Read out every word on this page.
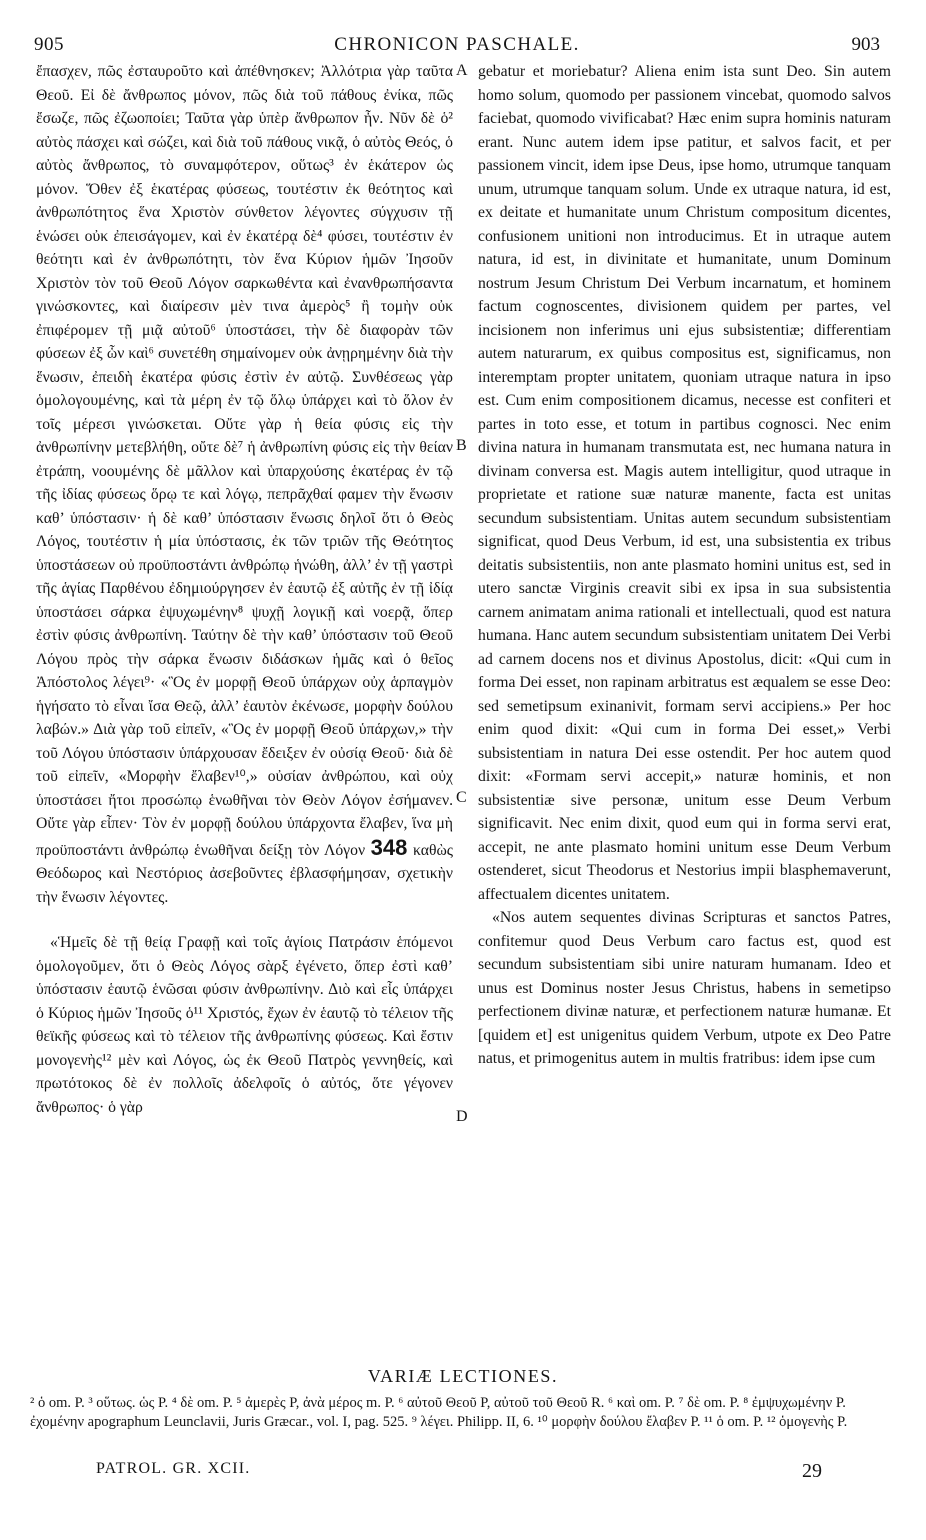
905	CHRONICON PASCHALE.	903

ἔπασχεν, πῶς ἐσταυροῦτο καὶ ἀπέθνησκεν; Ἀλλότρια γὰρ ταῦτα Θεοῦ. Εἰ δὲ ἄνθρωπος μόνον, πῶς διὰ τοῦ πάθους ἐνίκα, πῶς ἔσωζε, πῶς ἐζωοποίει; Ταῦτα γὰρ ὑπὲρ ἄνθρωπον ἦν. Νῦν δὲ ὁ² αὐτὸς πάσχει καὶ σώζει, καὶ διὰ τοῦ πάθους νικᾷ, ὁ αὐτὸς Θεός, ὁ αὐτὸς ἄνθρωπος, τὸ συναμφότερον, οὕτως³ ἐν ἑκάτερον ὡς μόνον. Ὅθεν ἐξ ἑκατέρας φύσεως, τουτέστιν ἐκ θεότητος καὶ ἀνθρωπότητος ἕνα Χριστὸν σύνθετον λέγοντες σύγχυσιν τῇ ἑνώσει οὐκ ἐπεισάγομεν, καὶ ἐν ἑκατέρᾳ δὲ⁴ φύσει, τουτέστιν ἐν θεότητι καὶ ἐν ἀνθρωπότητι, τὸν ἕνα Κύριον ἡμῶν Ἰησοῦν Χριστὸν τὸν τοῦ Θεοῦ Λόγον σαρκωθέντα καὶ ἐνανθρωπήσαντα γινώσκοντες, καὶ διαίρεσιν μὲν τινα ἀμερὸς⁵ ἢ τομὴν οὐκ ἐπιφέρομεν τῇ μιᾷ αὐτοῦ⁶ ὑποστάσει, τὴν δὲ διαφορὰν τῶν φύσεων ἐξ ὧν καὶ⁶ συνετέθη σημαίνομεν οὐκ ἀνῃρημένην διὰ τὴν ἕνωσιν, ἐπειδὴ ἑκατέρα φύσις ἐστὶν ἐν αὐτῷ. Συνθέσεως γὰρ ὁμολογουμένης, καὶ τὰ μέρη ἐν τῷ ὅλῳ ὑπάρχει καὶ τὸ ὅλον ἐν τοῖς μέρεσι γινώσκεται. Οὔτε γὰρ ἡ θεία φύσις εἰς τὴν ἀνθρωπίνην μετεβλήθη, οὔτε δὲ⁷ ἡ ἀνθρωπίνη φύσις εἰς τὴν θείαν ἐτράπη, νοουμένης δὲ μᾶλλον καὶ ὑπαρχούσης ἑκατέρας ἐν τῷ τῆς ἰδίας φύσεως ὅρῳ τε καὶ λόγῳ, πεπρᾶχθαί φαμεν τὴν ἕνωσιν καθ’ ὑπόστασιν· ἡ δὲ καθ’ ὑπόστασιν ἕνωσις δηλοῖ ὅτι ὁ Θεὸς Λόγος, τουτέστιν ἡ μία ὑπόστασις, ἐκ τῶν τριῶν τῆς Θεότητος ὑποστάσεων οὐ προϋποστάντι ἀνθρώπῳ ἡνώθη, ἀλλ’ ἐν τῇ γαστρὶ τῆς ἁγίας Παρθένου ἐδημιούργησεν ἐν ἑαυτῷ ἐξ αὐτῆς ἐν τῇ ἰδίᾳ ὑποστάσει σάρκα ἐψυχωμένην⁸ ψυχῇ λογικῇ καὶ νοερᾷ, ὅπερ ἐστὶν φύσις ἀνθρωπίνη. Ταύτην δὲ τὴν καθ’ ὑπόστασιν τοῦ Θεοῦ Λόγου πρὸς τὴν σάρκα ἕνωσιν διδάσκων ἡμᾶς καὶ ὁ θεῖος Ἀπόστολος λέγει⁹· «Ὃς ἐν μορφῇ Θεοῦ ὑπάρχων οὐχ ἁρπαγμὸν ἡγήσατο τὸ εἶναι ἴσα Θεῷ, ἀλλ’ ἑαυτὸν ἐκένωσε, μορφὴν δούλου λαβών.» Διὰ γὰρ τοῦ εἰπεῖν, «Ὃς ἐν μορφῇ Θεοῦ ὑπάρχων,» τὴν τοῦ Λόγου ὑπόστασιν ὑπάρχουσαν ἔδειξεν ἐν οὐσίᾳ Θεοῦ· διὰ δὲ τοῦ εἰπεῖν, «Μορφὴν ἔλαβεν¹⁰,» οὐσίαν ἀνθρώπου, καὶ οὐχ ὑποστάσει ἤτοι προσώπῳ ἑνωθῆναι τὸν Θεὸν Λόγον ἐσήμανεν. Οὔτε γὰρ εἶπεν· Τὸν ἐν μορφῇ δούλου ὑπάρχοντα ἔλαβεν, ἵνα μὴ προϋποστάντι ἀνθρώπῳ ἑνωθῆναι δείξῃ τὸν Λόγον 348 καθὼς Θεόδωρος καὶ Νεστόριος ἀσεβοῦντες ἐβλασφήμησαν, σχετικὴν τὴν ἕνωσιν λέγοντες.

«Ἡμεῖς δὲ τῇ θείᾳ Γραφῇ καὶ τοῖς ἁγίοις Πατράσιν ἑπόμενοι ὁμολογοῦμεν, ὅτι ὁ Θεὸς Λόγος σὰρξ ἐγένετο, ὅπερ ἐστὶ καθ’ ὑπόστασιν ἑαυτῷ ἑνῶσαι φύσιν ἀνθρωπίνην. Διὸ καὶ εἷς ὑπάρχει ὁ Κύριος ἡμῶν Ἰησοῦς ὁ¹¹ Χριστός, ἔχων ἐν ἑαυτῷ τὸ τέλειον τῆς θεϊκῆς φύσεως καὶ τὸ τέλειον τῆς ἀνθρωπίνης φύσεως. Καὶ ἔστιν μονογενὴς¹² μὲν καὶ Λόγος, ὡς ἐκ Θεοῦ Πατρὸς γεννηθείς, καὶ πρωτότοκος δὲ ἐν πολλοῖς ἀδελφοῖς ὁ αὐτός, ὅτε γέγονεν ἄνθρωπος· ὁ γὰρ

A
B
C
D

gebatur et moriebatur? Aliena enim ista sunt Deo. Sin autem homo solum, quomodo per passionem vincebat, quomodo salvos faciebat, quomodo vivificabat? Hæc enim supra hominis naturam erant. Nunc autem idem ipse patitur, et salvos facit, et per passionem vincit, idem ipse Deus, ipse homo, utrumque tanquam unum, utrumque tanquam solum. Unde ex utraque natura, id est, ex deitate et humanitate unum Christum compositum dicentes, confusionem unitioni non introducimus. Et in utraque autem natura, id est, in divinitate et humanitate, unum Dominum nostrum Jesum Christum Dei Verbum incarnatum, et hominem factum cognoscentes, divisionem quidem per partes, vel incisionem non inferimus uni ejus subsistentiæ; differentiam autem naturarum, ex quibus compositus est, significamus, non interemptam propter unitatem, quoniam utraque natura in ipso est. Cum enim compositionem dicamus, necesse est confiteri et partes in toto esse, et totum in partibus cognosci. Nec enim divina natura in humanam transmutata est, nec humana natura in divinam conversa est. Magis autem intelligitur, quod utraque in proprietate et ratione suæ naturæ manente, facta est unitas secundum subsistentiam. Unitas autem secundum subsistentiam significat, quod Deus Verbum, id est, una subsistentia ex tribus deitatis subsistentiis, non ante plasmato homini unitus est, sed in utero sanctæ Virginis creavit sibi ex ipsa in sua subsistentia carnem animatam anima rationali et intellectuali, quod est natura humana. Hanc autem secundum subsistentiam unitatem Dei Verbi ad carnem docens nos et divinus Apostolus, dicit: «Qui cum in forma Dei esset, non rapinam arbitratus est æqualem se esse Deo: sed semetipsum exinanivit, formam servi accipiens.» Per hoc enim quod dixit: «Qui cum in forma Dei esset,» Verbi subsistentiam in natura Dei esse ostendit. Per hoc autem quod dixit: «Formam servi accepit,» naturæ hominis, et non subsistentiæ sive personæ, unitum esse Deum Verbum significavit. Nec enim dixit, quod eum qui in forma servi erat, accepit, ne ante plasmato homini unitum esse Deum Verbum ostenderet, sicut Theodorus et Nestorius impii blasphemaverunt, affectualem dicentes unitatem.

«Nos autem sequentes divinas Scripturas et sanctos Patres, confitemur quod Deus Verbum caro factus est, quod est secundum subsistentiam sibi unire naturam humanam. Ideo et unus est Dominus noster Jesus Christus, habens in semetipso perfectionem divinæ naturæ, et perfectionem naturæ humanæ. Et [quidem et] est unigenitus quidem Verbum, utpote ex Deo Patre natus, et primogenitus autem in multis fratribus: idem ipse cum

VARIÆ LECTIONES.
² ὁ om. P. ³ οὕτως. ὡς P. ⁴ δὲ om. P. ⁵ ἀμερὲς P, ἀνὰ μέρος m. P. ⁶ αὐτοῦ Θεοῦ P, αὐτοῦ τοῦ Θεοῦ R. ⁶ καὶ om. P. ⁷ δὲ om. P. ⁸ ἐμψυχωμένην P. ἐχομένην apographum Leunclavii, Juris Græcar., vol. I, pag. 525. ⁹ λέγει. Philipp. II, 6. ¹⁰ μορφὴν δούλου ἔλαβεν P. ¹¹ ὁ om. P. ¹² ὁμογενὴς P.
PATROL. GR. XCII.	29
